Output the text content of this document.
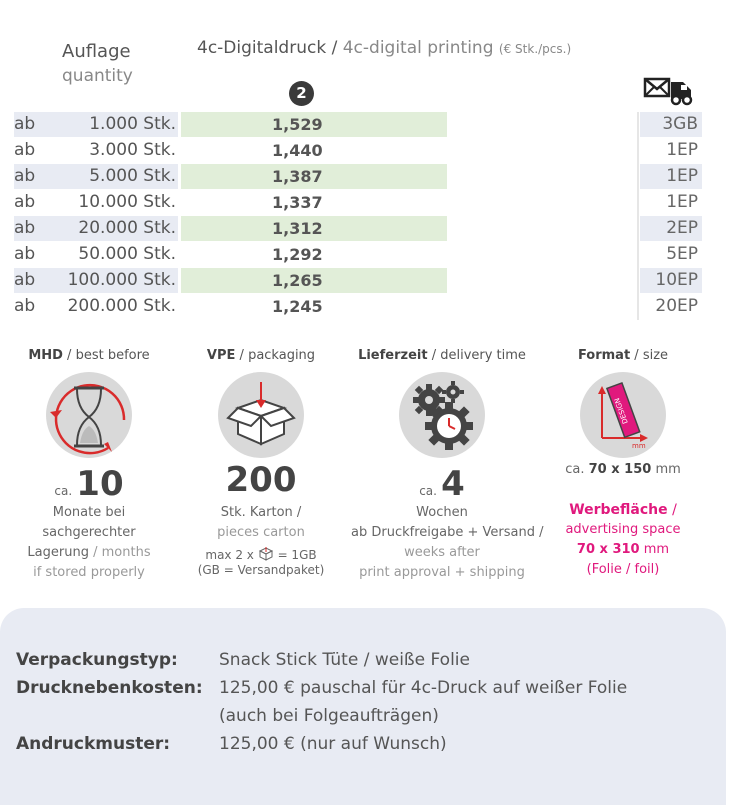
Auflage
quantity
4c-Digitaldruck / 4c-digital printing (€ Stk./pcs.)
2
ab	1.000 Stk.	1,529	3GB
ab	3.000 Stk.	1,440	1EP
ab	5.000 Stk.	1,387	1EP
ab	10.000 Stk.	1,337	1EP
ab	20.000 Stk.	1,312	2EP
ab	50.000 Stk.	1,292	5EP
ab	100.000 Stk.	1,265	10EP
ab	200.000 Stk.	1,245	20EP
MHD / best before
ca. 10
Monate bei
sachgerechter
Lagerung / months
if stored properly
VPE / packaging
200
Stk. Karton /
pieces carton
max 2 x = 1GB
(GB = Versandpaket)
Lieferzeit / delivery time
ca. 4
Wochen
ab Druckfreigabe + Versand /
weeks after
print approval + shipping
Format / size
DESIGN
mm
ca. 70 x 150 mm
Werbefläche /
advertising space
70 x 310 mm
(Folie / foil)
Verpackungstyp: Snack Stick Tüte / weiße Folie
Drucknebenkosten: 125,00 € pauschal für 4c-Druck auf weißer Folie
(auch bei Folgeaufträgen)
Andruckmuster:	125,00 € (nur auf Wunsch)
